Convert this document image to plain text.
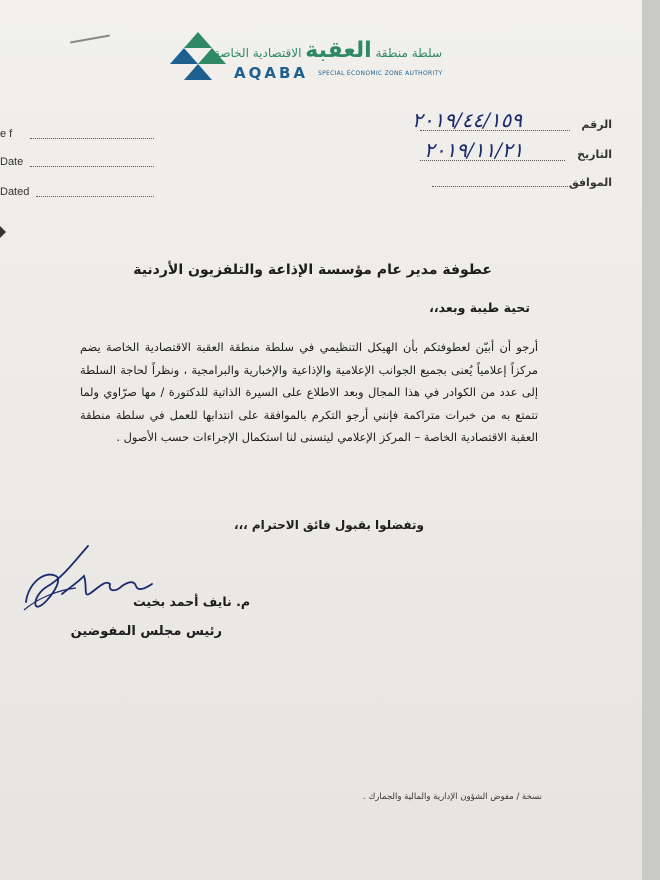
سلطة منطقة العقبة الاقتصادية الخاصة
AQABA SPECIAL ECONOMIC ZONE AUTHORITY
e f
Date
Dated
الرقم
٢٠١٩/٤٤/١٥٩
التاريخ
٢٠١٩/١١/٢١
الموافق
عطوفة مدير عام مؤسسة الإذاعة والتلفزيون الأردنية
تحية طيبة وبعد،،
أرجو أن أبيّن لعطوفتكم بأن الهيكل التنظيمي في سلطة منطقة العقبة الاقتصادية الخاصة يضم مركزاً إعلامياً يُعنى بجميع الجوانب الإعلامية والإذاعية والإخبارية والبرامجية ، ونظراً لحاجة السلطة إلى عدد من الكوادر في هذا المجال وبعد الاطلاع على السيرة الذاتية للدكتورة / مها صرّاوي ولما تتمتع به من خبرات متراكمة فإنني أرجو التكرم بالموافقة على انتدابها للعمل في سلطة منطقة العقبة الاقتصادية الخاصة – المركز الإعلامي ليتسنى لنا استكمال الإجراءات حسب الأصول .
وتفضلوا بقبول فائق الاحترام ،،،
م. نايف أحمد بخيت
رئيس مجلس المفوضين
نسخة / مفوض الشؤون الإدارية والمالية والجمارك .
